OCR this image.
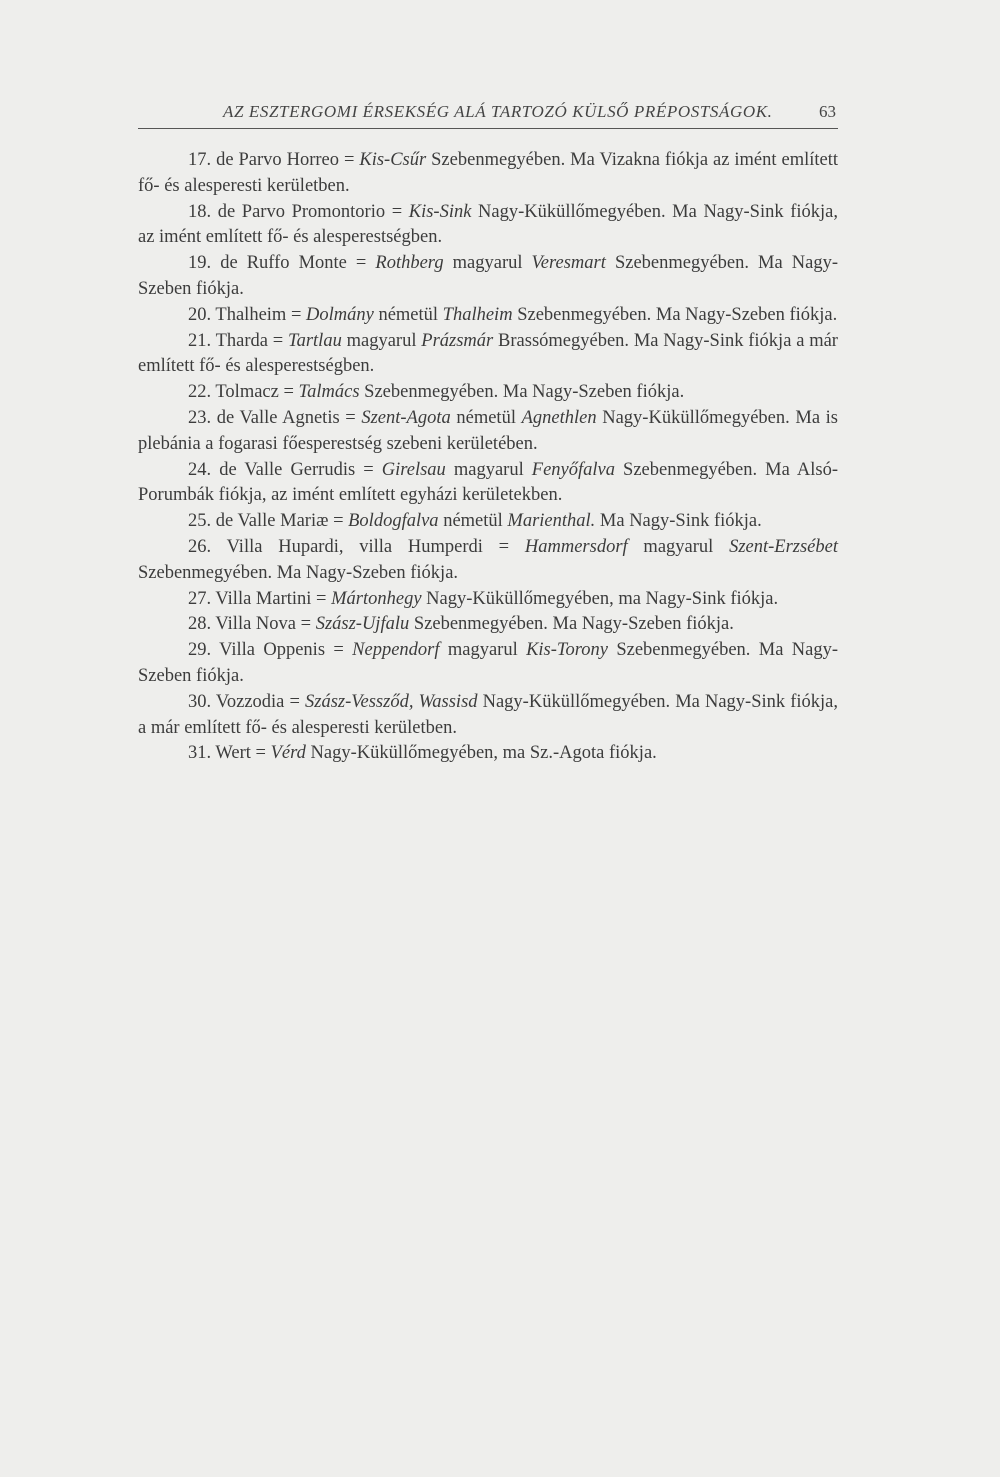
AZ ESZTERGOMI ÉRSEKSÉG ALÁ TARTOZÓ KÜLSŐ PRÉPOSTSÁGOK.	63

17. de Parvo Horreo = Kis-Csűr Szebenmegyében. Ma Vizakna fiókja az imént említett fő- és alesperesti kerületben.

18. de Parvo Promontorio = Kis-Sink Nagy-Küküllőmegyében. Ma Nagy-Sink fiókja, az imént említett fő- és alesperestségben.

19. de Ruffo Monte = Rothberg magyarul Veresmart Szebenmegyében. Ma Nagy-Szeben fiókja.

20. Thalheim = Dolmány németül Thalheim Szebenmegyében. Ma Nagy-Szeben fiókja.

21. Tharda = Tartlau magyarul Prázsmár Brassómegyében. Ma Nagy-Sink fiókja a már említett fő- és alesperestségben.

22. Tolmacz = Talmács Szebenmegyében. Ma Nagy-Szeben fiókja.

23. de Valle Agnetis = Szent-Agota németül Agnethlen Nagy-Küküllőmegyében. Ma is plebánia a fogarasi főesperestség szebeni kerületében.

24. de Valle Gerrudis = Girelsau magyarul Fenyőfalva Szebenmegyében. Ma Alsó-Porumbák fiókja, az imént említett egyházi kerületekben.

25. de Valle Mariæ = Boldogfalva németül Marienthal. Ma Nagy-Sink fiókja.

26. Villa Hupardi, villa Humperdi = Hammersdorf magyarul Szent-Erzsébet Szebenmegyében. Ma Nagy-Szeben fiókja.

27. Villa Martini = Mártonhegy Nagy-Küküllőmegyében, ma Nagy-Sink fiókja.

28. Villa Nova = Szász-Ujfalu Szebenmegyében. Ma Nagy-Szeben fiókja.

29. Villa Oppenis = Neppendorf magyarul Kis-Torony Szebenmegyében. Ma Nagy-Szeben fiókja.

30. Vozzodia = Szász-Vessződ, Wassisd Nagy-Küküllőmegyében. Ma Nagy-Sink fiókja, a már említett fő- és alesperesti kerületben.

31. Wert = Vérd Nagy-Küküllőmegyében, ma Sz.-Agota fiókja.
